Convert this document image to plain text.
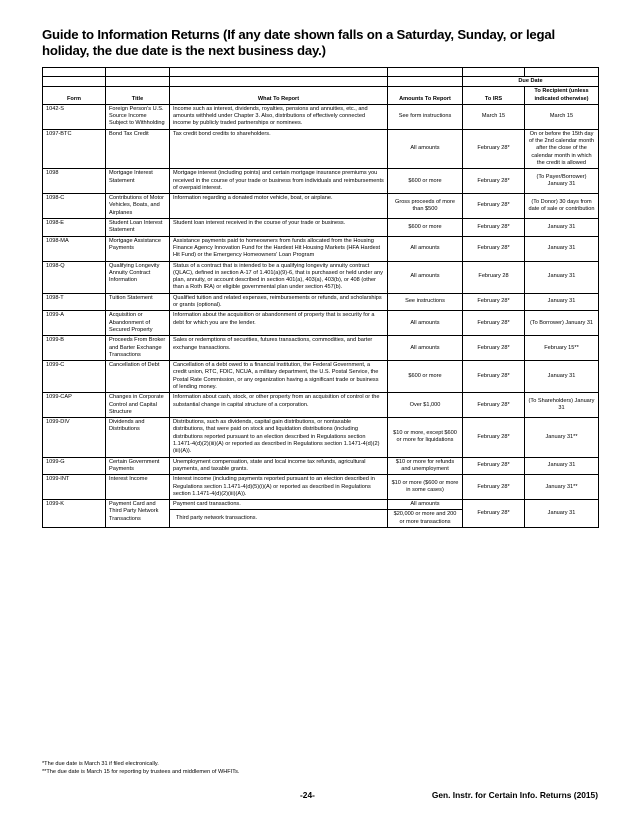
Guide to Information Returns (If any date shown falls on a Saturday, Sunday, or legal holiday, the due date is the next business day.)

				Due Date	
Form	Title	What To Report	Amounts To Report	To IRS	To Recipient (unless indicated otherwise)
1042-S	Foreign Person's U.S. Source Income Subject to Withholding	Income such as interest, dividends, royalties, pensions and annuities, etc., and amounts withheld under Chapter 3. Also, distributions of effectively connected income by publicly traded partnerships or nominees.	See form instructions	March 15	March 15
1097-BTC	Bond Tax Credit	Tax credit bond credits to shareholders.	All amounts	February 28*	On or before the 15th day of the 2nd calendar month after the close of the calendar month in which the credit is allowed
1098	Mortgage Interest Statement	Mortgage interest (including points) and certain mortgage insurance premiums you received in the course of your trade or business from individuals and reimbursements of overpaid interest.	$600 or more	February 28*	(To Payer/Borrower) January 31
1098-C	Contributions of Motor Vehicles, Boats, and Airplanes	Information regarding a donated motor vehicle, boat, or airplane.	Gross proceeds of more than $500	February 28*	(To Donor) 30 days from date of sale or contribution
1098-E	Student Loan Interest Statement	Student loan interest received in the course of your trade or business.	$600 or more	February 28*	January 31
1098-MA	Mortgage Assistance Payments	Assistance payments paid to homeowners from funds allocated from the Housing Finance Agency Innovation Fund for the Hardest Hit Housing Markets (HFA Hardest Hit Fund) or the Emergency Homeowners' Loan Program	All amounts	February 28*	January 31
1098-Q	Qualifying Longevity Annuity Contract Information	Status of a contract that is intended to be a qualifying longevity annuity contract (QLAC), defined in section A-17 of 1.401(a)(9)-6, that is purchased or held under any plan, annuity, or account described in section 401(a), 403(a), 403(b), or 408 (other than a Roth IRA) or eligible governmental plan under section 457(b).	All amounts	February 28	January 31
1098-T	Tuition Statement	Qualified tuition and related expenses, reimbursements or refunds, and scholarships or grants (optional).	See instructions	February 28*	January 31
1099-A	Acquisition or Abandonment of Secured Property	Information about the acquisition or abandonment of property that is security for a debt for which you are the lender.	All amounts	February 28*	(To Borrower) January 31
1099-B	Proceeds From Broker and Barter Exchange Transactions	Sales or redemptions of securities, futures transactions, commodities, and barter exchange transactions.	All amounts	February 28*	February 15**
1099-C	Cancellation of Debt	Cancellation of a debt owed to a financial institution, the Federal Government, a credit union, RTC, FDIC, NCUA, a military department, the U.S. Postal Service, the Postal Rate Commission, or any organization having a significant trade or business of lending money.	$600 or more	February 28*	January 31
1099-CAP	Changes in Corporate Control and Capital Structure	Information about cash, stock, or other property from an acquisition of control or the substantial change in capital structure of a corporation.	Over $1,000	February 28*	(To Shareholders) January 31
1099-DIV	Dividends and Distributions	Distributions, such as dividends, capital gain distributions, or nontaxable distributions, that were paid on stock and liquidation distributions (including distributions reported pursuant to an election described in Regulations section 1.1471-4(d)(2)(iii)(A) or reported as described in Regulations section 1.1471-4(d)(2)(iii)(A)).	$10 or more, except $600 or more for liquidations	February 28*	January 31**
1099-G	Certain Government Payments	Unemployment compensation, state and local income tax refunds, agricultural payments, and taxable grants.	$10 or more for refunds and unemployment	February 28*	January 31
1099-INT	Interest Income	Interest income (including payments reported pursuant to an election described in Regulations section 1.1471-4(d)(5)(i)(A) or reported as described in Regulations section 1.1471-4(d)(2)(iii)(A)).	$10 or more ($600 or more in some cases)	February 28*	January 31**
1099-K	Payment Card and Third Party Network Transactions	Payment card transactions.	All amounts	February 28*	January 31
		Third party network transactions.	$20,000 or more and 200 or more transactions		
*The due date is March 31 if filed electronically.
**The due date is March 15 for reporting by trustees and middlemen of WHFITs.
-24-	Gen. Instr. for Certain Info. Returns (2015)
